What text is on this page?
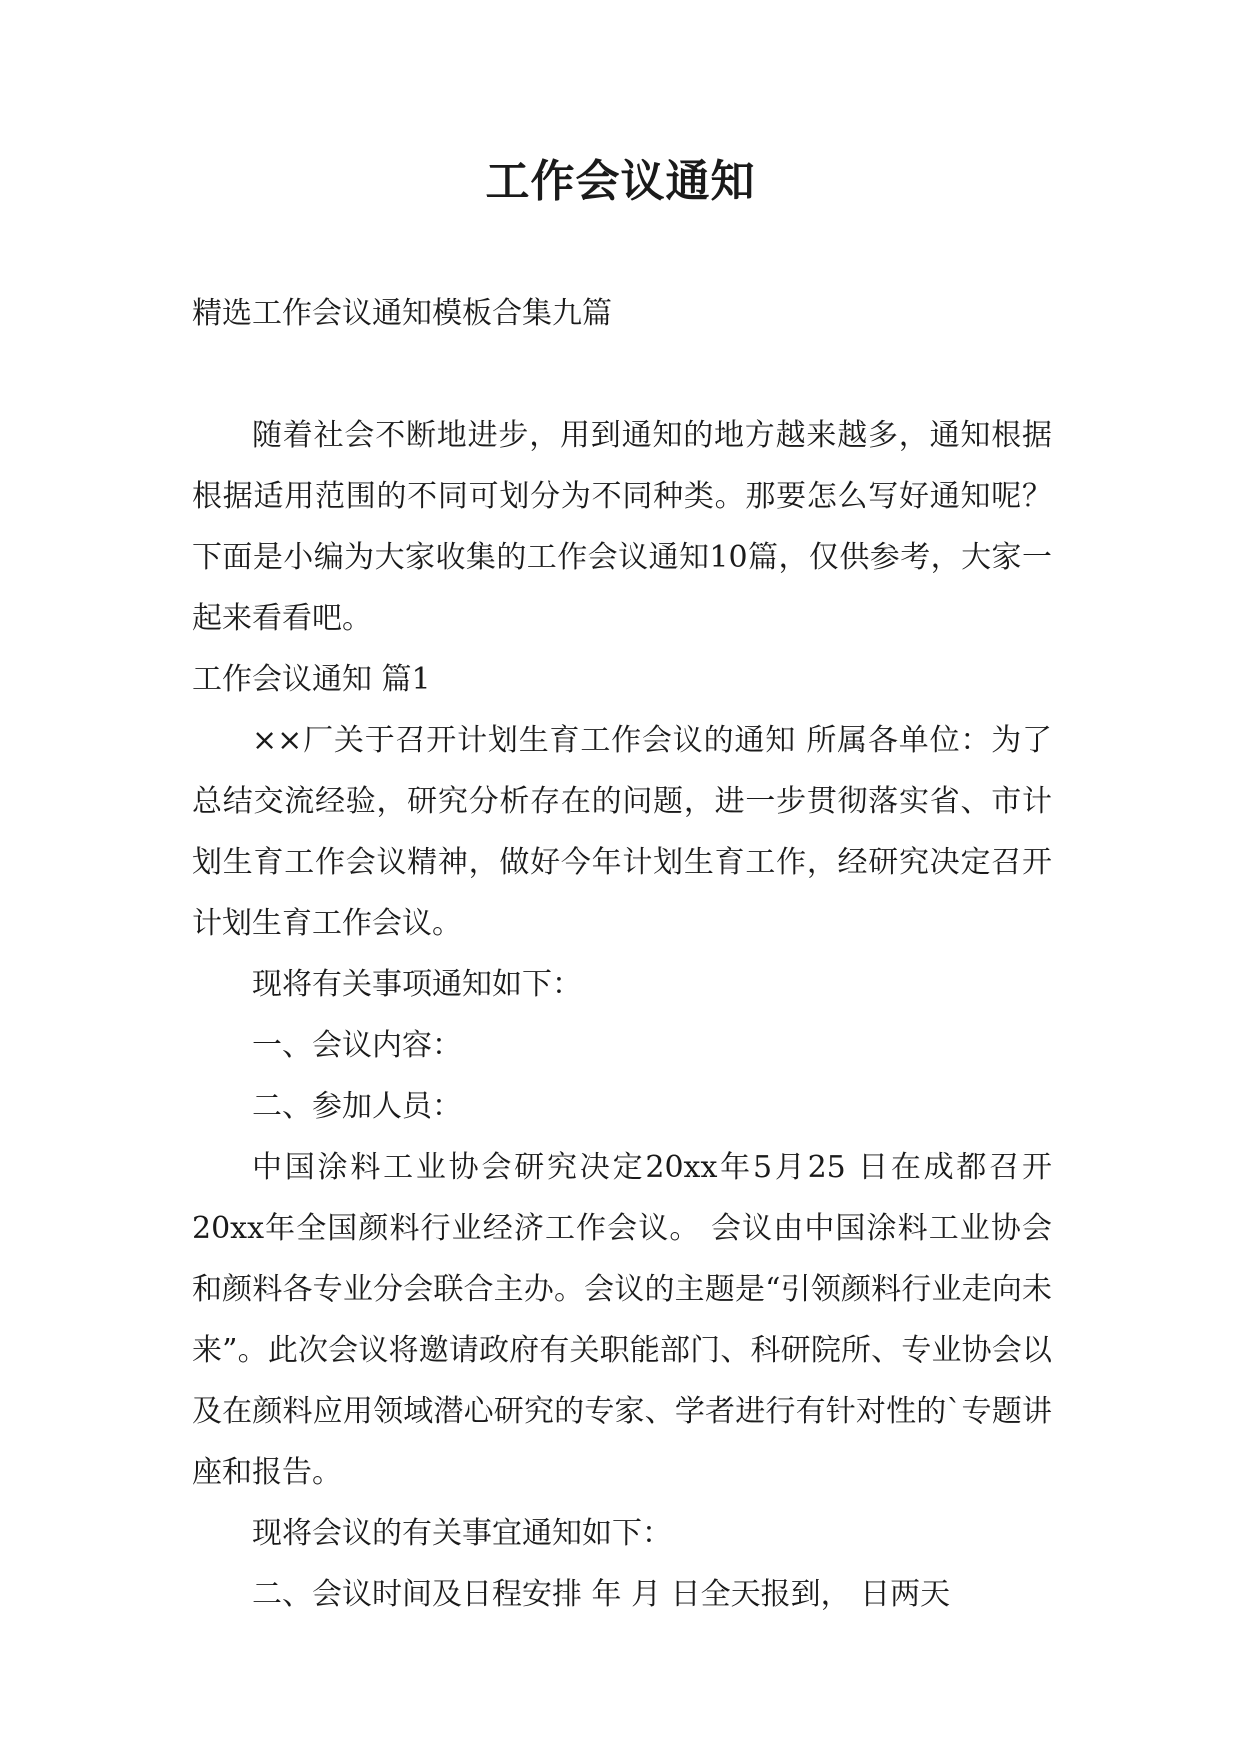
工作会议通知

精选工作会议通知模板合集九篇

随着社会不断地进步，用到通知的地方越来越多，通知根据根据适用范围的不同可划分为不同种类。那要怎么写好通知呢？下面是小编为大家收集的工作会议通知10篇，仅供参考，大家一起来看看吧。

工作会议通知 篇1

××厂关于召开计划生育工作会议的通知 所属各单位：为了总结交流经验，研究分析存在的问题，进一步贯彻落实省、市计划生育工作会议精神，做好今年计划生育工作，经研究决定召开计划生育工作会议。

现将有关事项通知如下：

一、会议内容：

二、参加人员：

中国涂料工业协会研究决定20xx年5月25 日在成都召开20xx年全国颜料行业经济工作会议。 会议由中国涂料工业协会和颜料各专业分会联合主办。会议的主题是“引领颜料行业走向未来”。此次会议将邀请政府有关职能部门、科研院所、专业协会以及在颜料应用领域潜心研究的专家、学者进行有针对性的`专题讲座和报告。

现将会议的有关事宜通知如下：

二、会议时间及日程安排 年 月 日全天报到， 日两天
